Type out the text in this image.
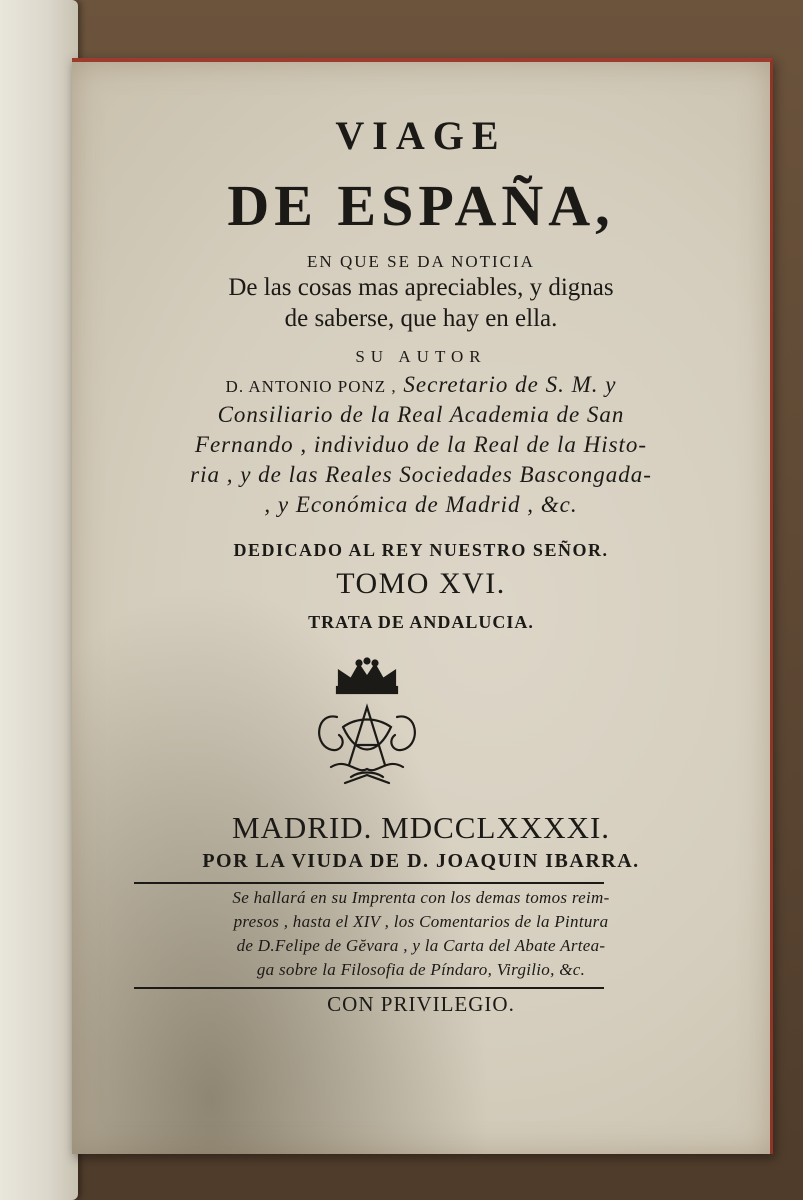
VIAGE
DE ESPAÑA,
EN QUE SE DA NOTICIA
De las cosas mas apreciables, y dignas
de saberse, que hay en ella.
SU AUTOR
D. ANTONIO PONZ , Secretario de S. M. y
Consiliario de la Real Academia de San
Fernando , individuo de la Real de la Histo-
ria , y de las Reales Sociedades Bascongada-
, y Económica de Madrid , &c.
DEDICADO AL REY NUESTRO SEÑOR.
TOMO XVI.
TRATA DE ANDALUCIA.
MADRID. MDCCLXXXXI.
POR LA VIUDA DE D. JOAQUIN IBARRA.
Se hallará en su Imprenta con los demas tomos reim-
presos , hasta el XIV , los Comentarios de la Pintura
de D.Felipe de Gĕvara , y la Carta del Abate Artea-
ga sobre la Filosofia de Píndaro, Virgilio, &c.
CON PRIVILEGIO.
